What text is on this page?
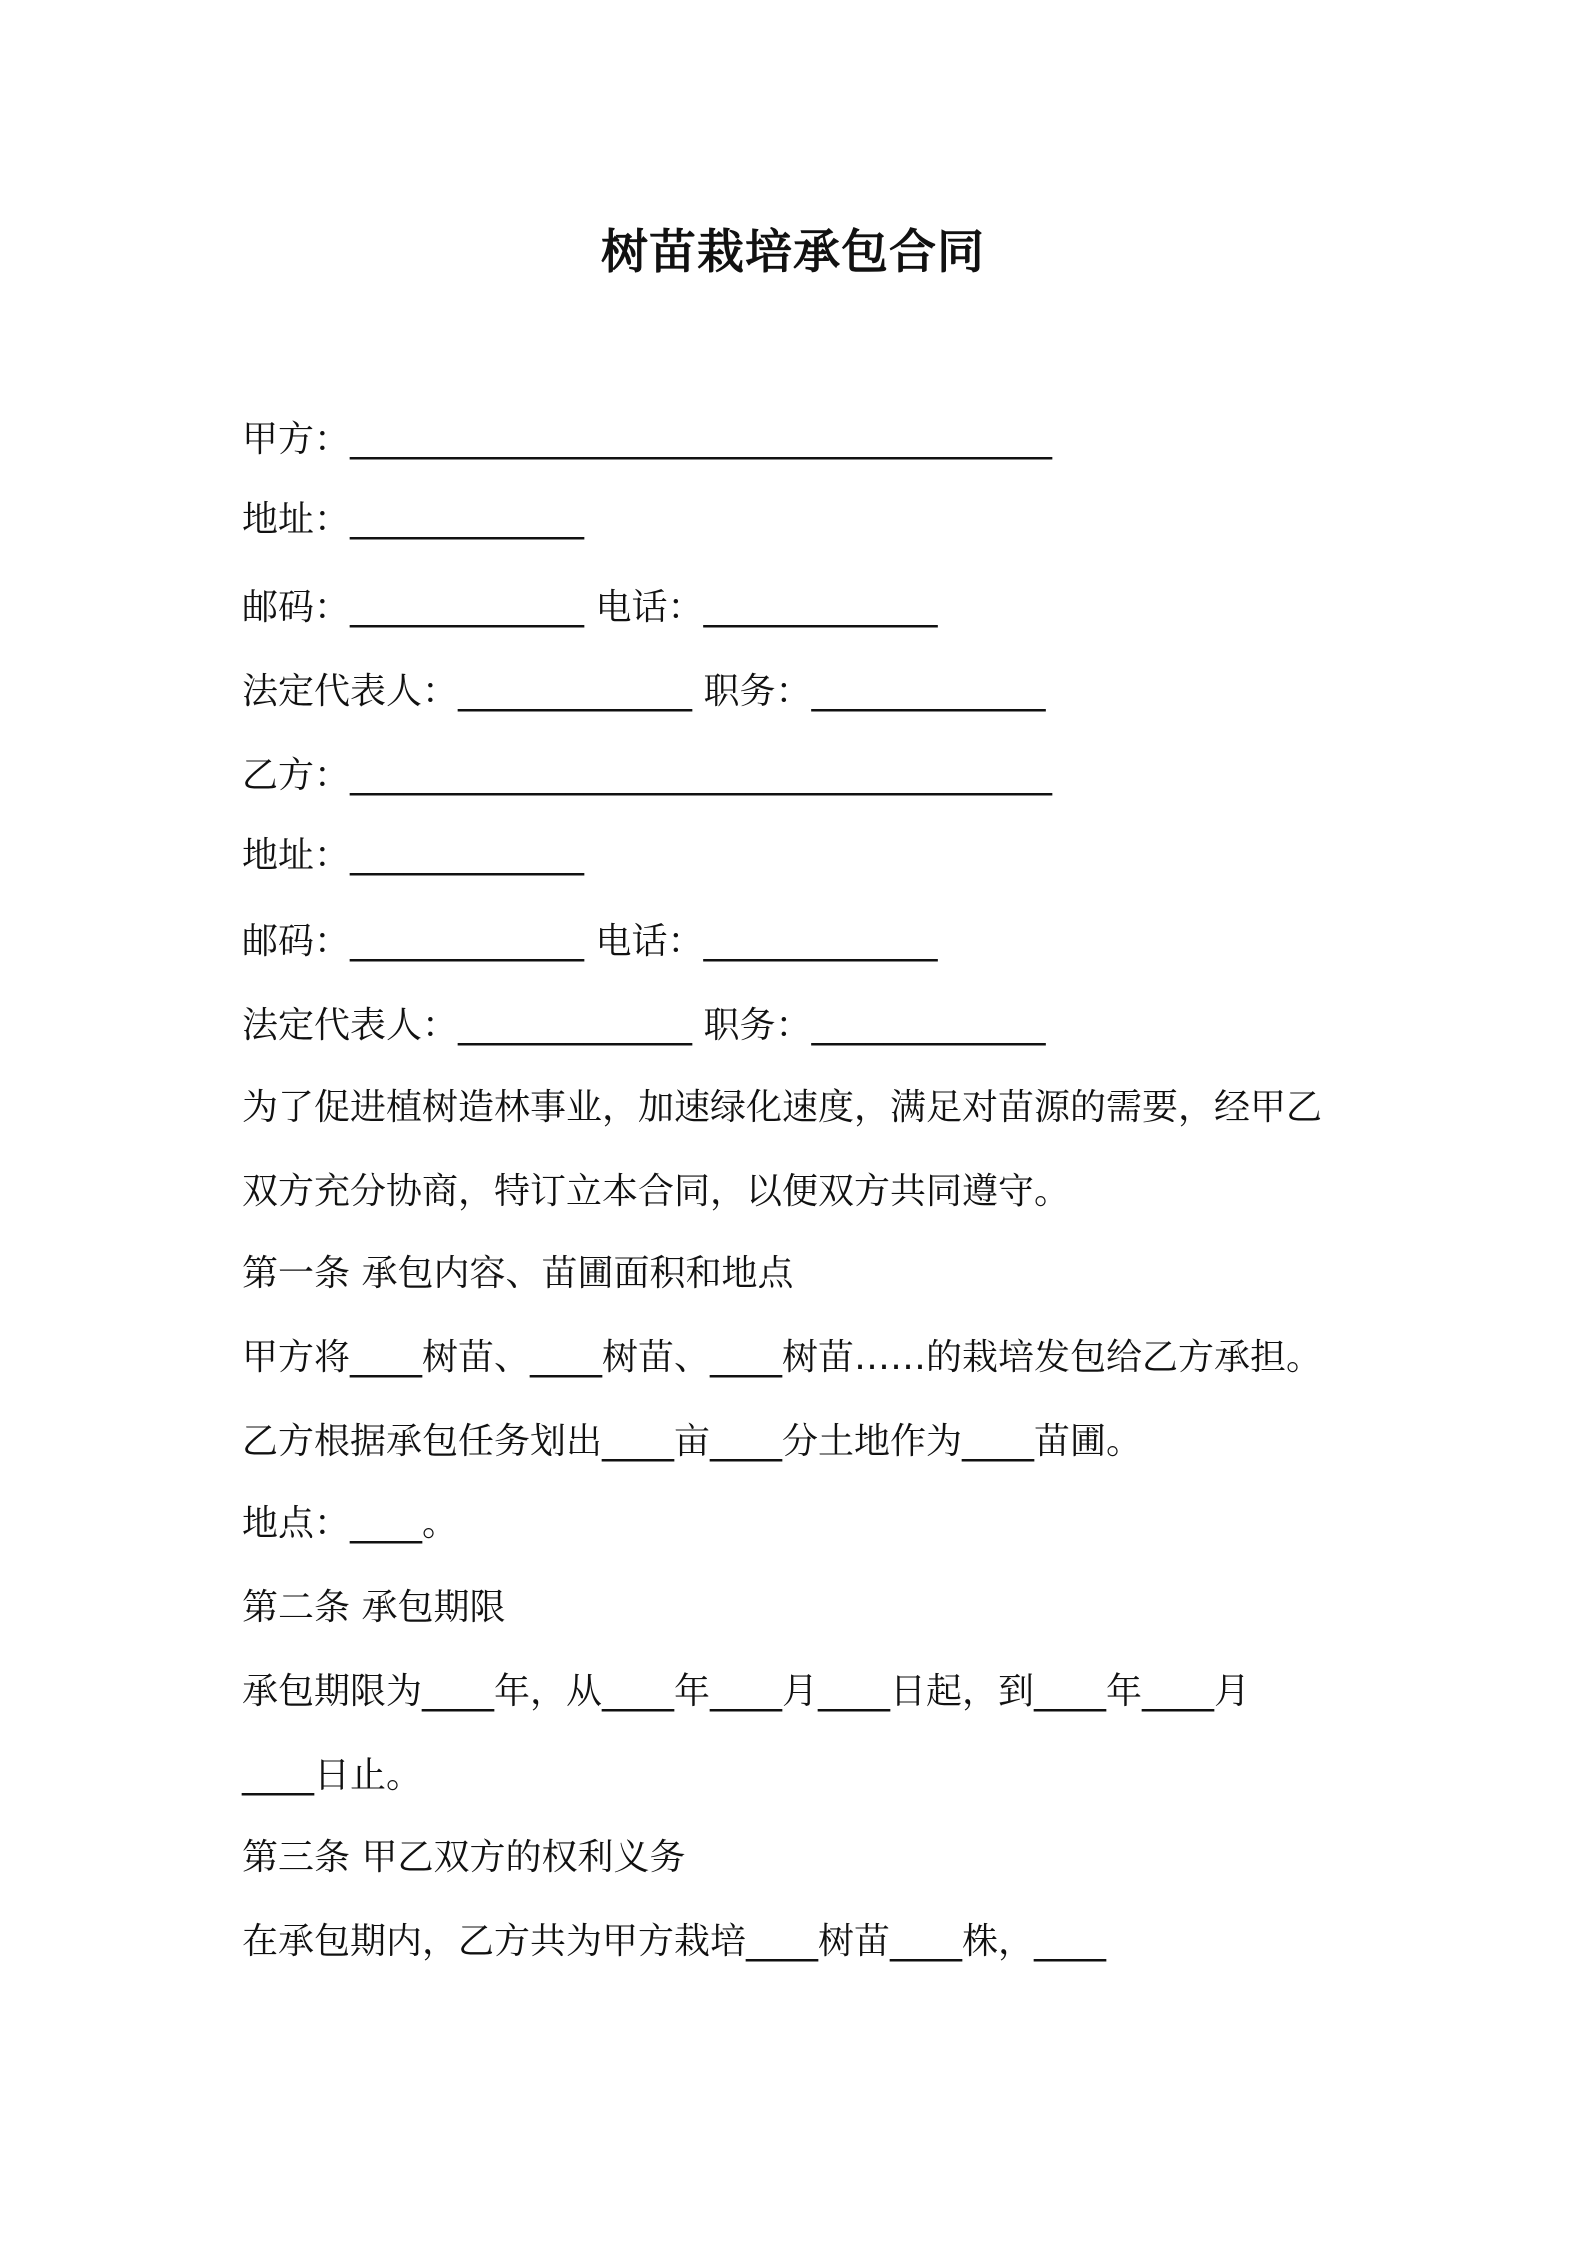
树苗栽培承包合同
甲方：_______________________________________
地址：_____________
邮码：_____________ 电话：_____________
法定代表人：_____________ 职务：_____________
乙方：_______________________________________
地址：_____________
邮码：_____________ 电话：_____________
法定代表人：_____________ 职务：_____________
为了促进植树造林事业，加速绿化速度，满足对苗源的需要，经甲乙
双方充分协商，特订立本合同，以便双方共同遵守。
第一条 承包内容、苗圃面积和地点
甲方将____树苗、____树苗、____树苗……的栽培发包给乙方承担。
乙方根据承包任务划出____亩____分土地作为____苗圃。
地点：____。
第二条 承包期限
承包期限为____年，从____年____月____日起，到____年____月
____日止。
第三条 甲乙双方的权利义务
在承包期内，乙方共为甲方栽培____树苗____株，____
